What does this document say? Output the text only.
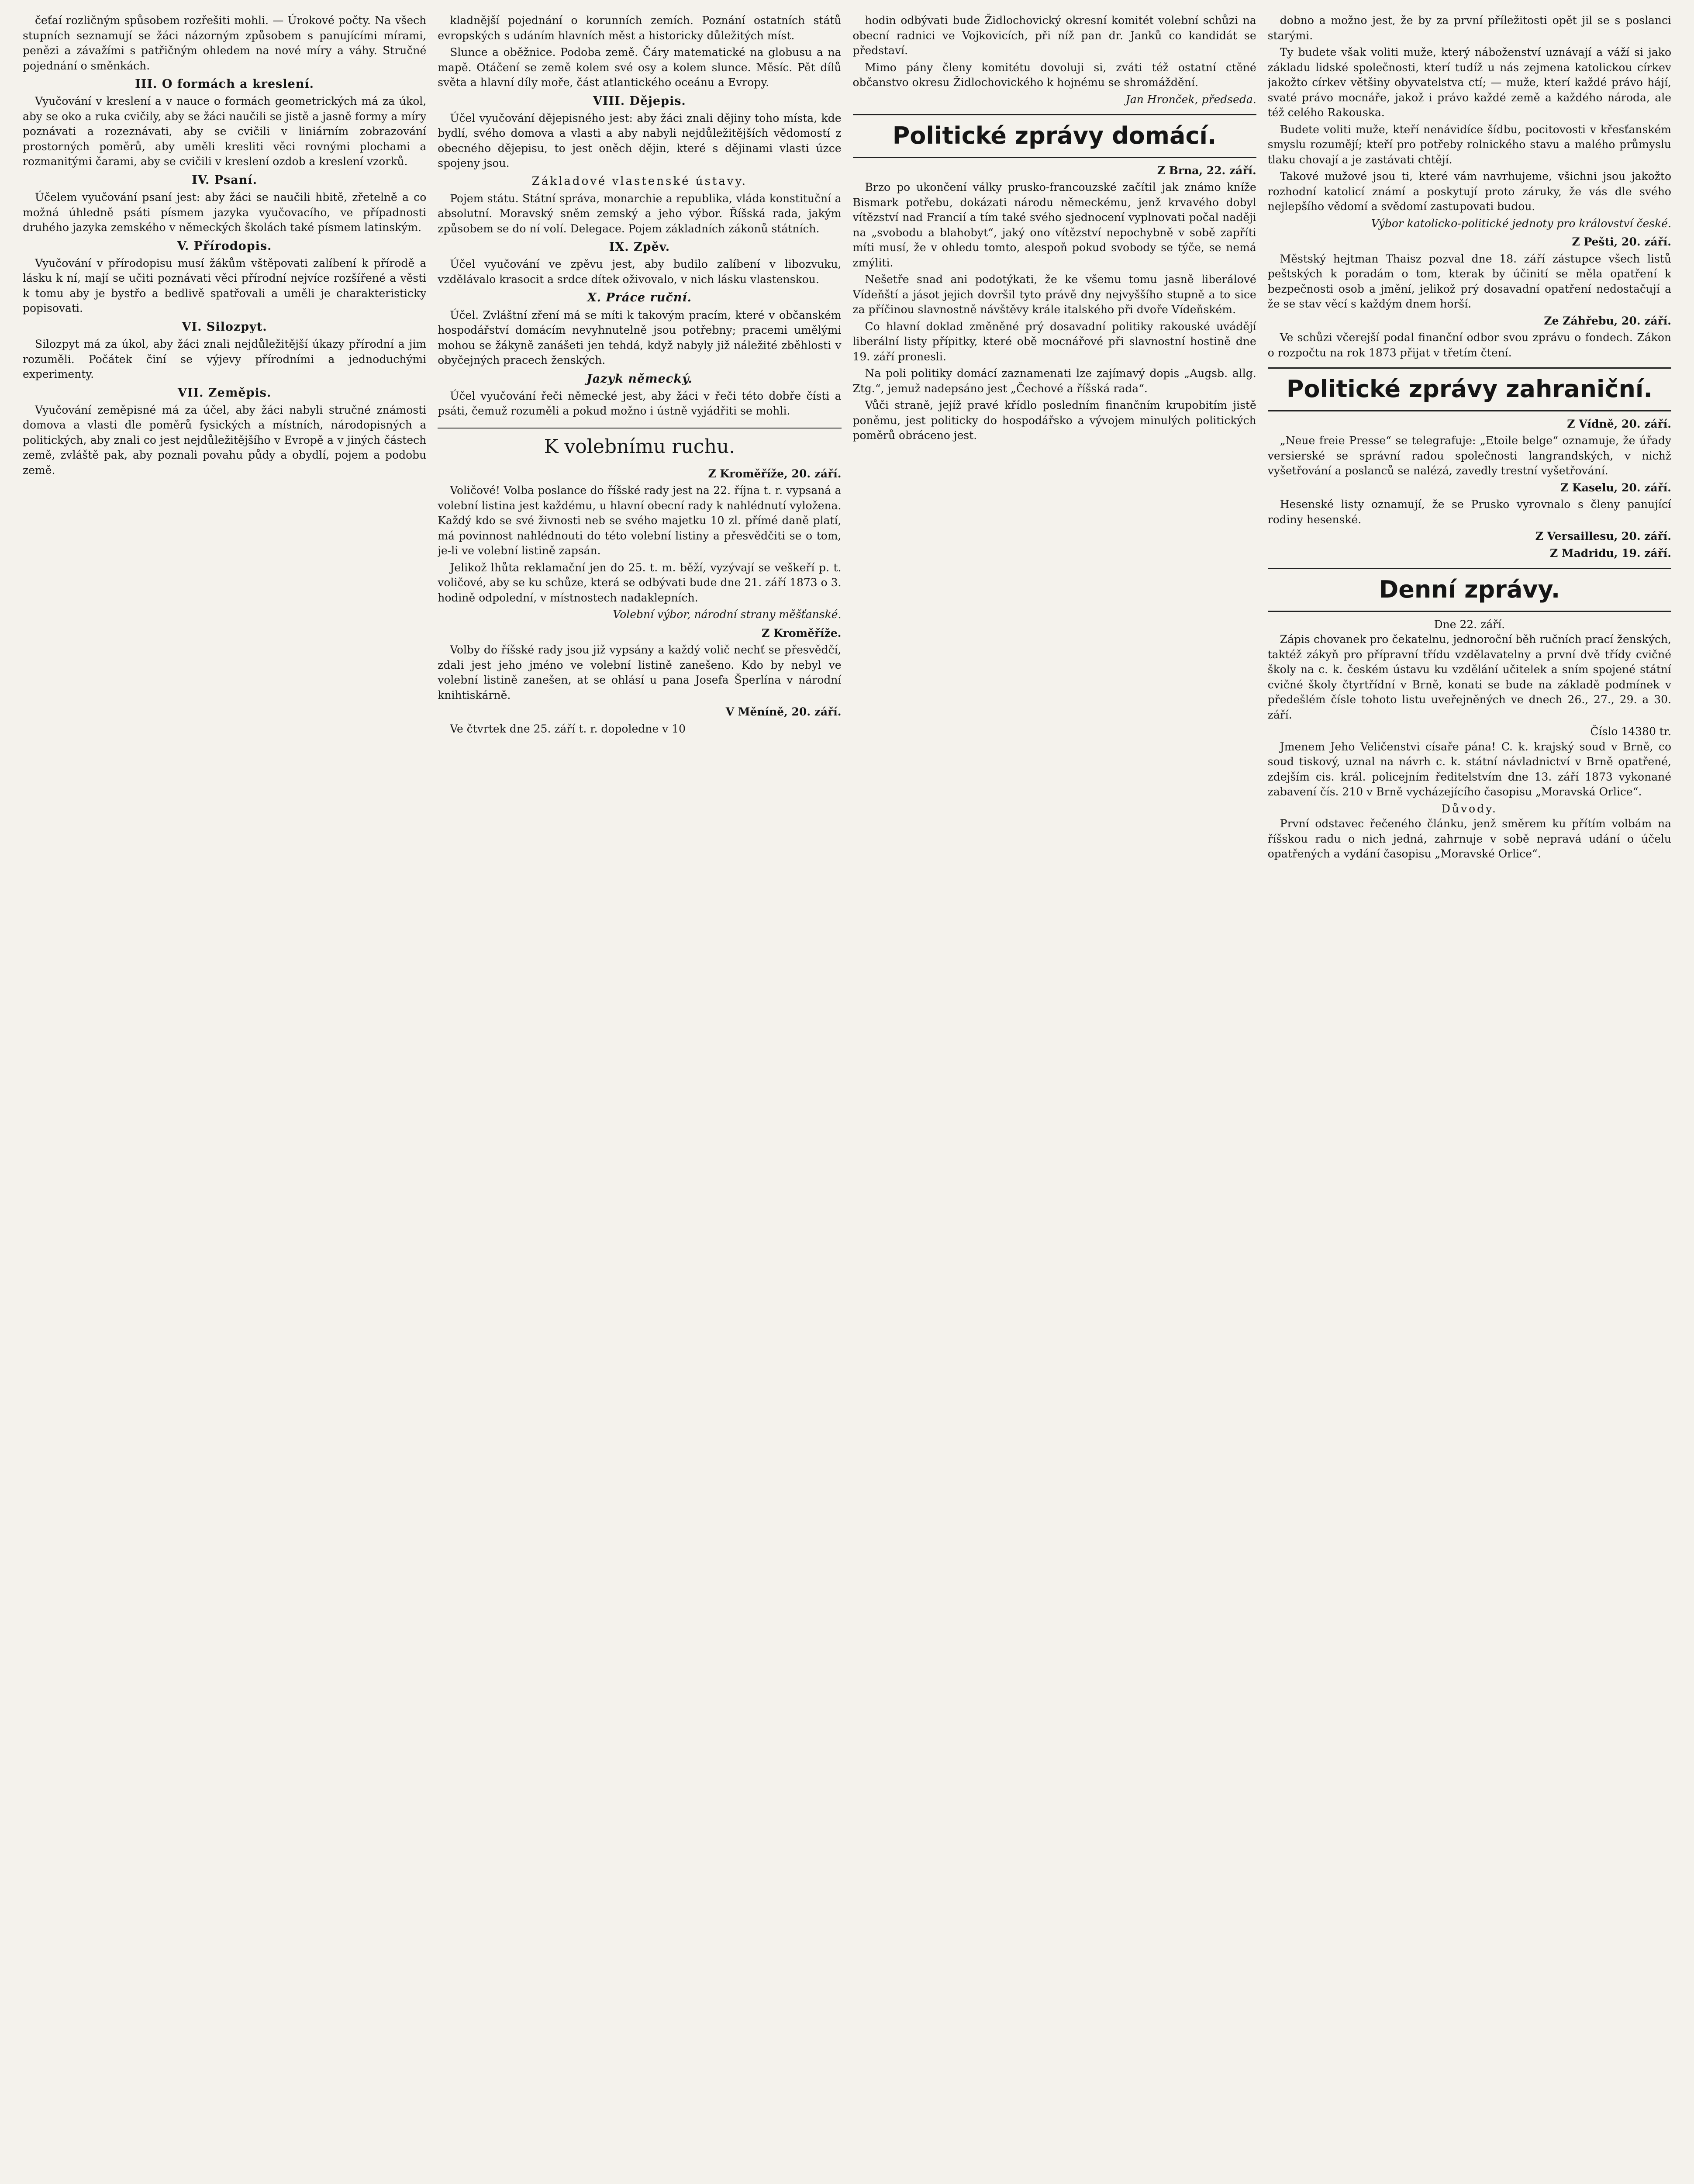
čeťaí rozličným spůsobem rozřešiti mohli. — Úrokové počty. Na všech stupních seznamují se žáci názorným způsobem s panujícími mírami, penězi a závažími s patřičným ohledem na nové míry a váhy. Stručné pojednání o směnkách.

III. O formách a kreslení.

Vyučování v kreslení a v nauce o formách geometrických má za úkol, aby se oko a ruka cvičily, aby se žáci naučili se jistě a jasně formy a míry poznávati a rozeznávati, aby se cvičili v liniárním zobrazování prostorných poměrů, aby uměli kresliti věci rovnými plochami a rozmanitými čarami, aby se cvičili v kreslení ozdob a kreslení vzorků.

IV. Psaní.

Účelem vyučování psaní jest: aby žáci se naučili hbitě, zřetelně a co možná úhledně psáti písmem jazyka vyučovacího, ve případnosti druhého jazyka zemského v německých školách také písmem latinským.

V. Přírodopis.

Vyučování v přírodopisu musí žákům vštěpovati zalíbení k přírodě a lásku k ní, mají se učiti poznávati věci přírodní nejvíce rozšířené a věsti k tomu aby je bystřo a bedlivě spatřovali a uměli je charakteristicky popisovati.

VI. Silozpyt.

Silozpyt má za úkol, aby žáci znali nejdůležitější úkazy přírodní a jim rozuměli. Počátek činí se výjevy přírodními a jednoduchými experimenty.

VII. Zeměpis.

Vyučování zeměpisné má za účel, aby žáci nabyli stručné známosti domova a vlasti dle poměrů fysických a místních, národopisných a politických, aby znali co jest nejdůležitějšího v Evropě a v jiných částech země, zvláště pak, aby poznali povahu půdy a obydlí, pojem a podobu země.

kladnější pojednání o korunních zemích. Poznání ostatních států evropských s udáním hlavních měst a historicky důležitých míst.

Slunce a oběžnice. Podoba země. Čáry matematické na globusu a na mapě. Otáčení se země kolem své osy a kolem slunce. Měsíc. Pět dílů světa a hlavní díly moře, část atlantického oceánu a Evropy.

VIII. Dějepis.

Účel vyučování dějepisného jest: aby žáci znali dějiny toho místa, kde bydlí, svého domova a vlasti a aby nabyli nejdůležitějších vědomostí z obecného dějepisu, to jest oněch dějin, které s dějinami vlasti úzce spojeny jsou.

Základové vlastenské ústavy.

Pojem státu. Státní správa, monarchie a republika, vláda konstituční a absolutní. Moravský sněm zemský a jeho výbor. Říšská rada, jakým způsobem se do ní volí. Delegace. Pojem základních zákonů státních.

IX. Zpěv.

Účel vyučování ve zpěvu jest, aby budilo zalíbení v libozvuku, vzdělávalo krasocit a srdce dítek oživovalo, v nich lásku vlastenskou.

X. Práce ruční.

Účel. Zvláštní zření má se míti k takovým pracím, které v občanském hospodářství domácím nevyhnutelně jsou potřebny; pracemi umělými mohou se žákyně zanášeti jen tehdá, když nabyly již náležité zběhlosti v obyčejných pracech ženských.

Jazyk německý.

Účel vyučování řeči německé jest, aby žáci v řeči této dobře čísti a psáti, čemuž rozuměli a pokud možno i ústně vyjádřiti se mohli.

K volebnímu ruchu.
Z Kroměříže, 20. září.

Voličové! Volba poslance do říšské rady jest na 22. října t. r. vypsaná a volební listina jest každému, u hlavní obecní rady k nahlédnutí vyložena. Každý kdo se své živnosti neb se svého majetku 10 zl. přímé daně platí, má povinnost nahlédnouti do této volební listiny a přesvědčiti se o tom, je-li ve volební listině zapsán.

Jelikož lhůta reklamační jen do 25. t. m. běží, vyzývají se veškeří p. t. voličové, aby se ku schůze, která se odbývati bude dne 21. září 1873 o 3. hodině odpolední, v místnostech nadaklepních.

Volební výbor, národní strany měšťanské.
Z Kroměříže.

Volby do říšské rady jsou již vypsány a každý volič nechť se přesvědčí, zdali jest jeho jméno ve volební listině zanešeno. Kdo by nebyl ve volební listině zanešen, at se ohlásí u pana Josefa Šperlína v národní knihtiskárně.

V Měníně, 20. září.

Ve čtvrtek dne 25. září t. r. dopoledne v 10

hodin odbývati bude Židlochovický okresní komitét volební schůzi na obecní radnici ve Vojkovicích, při níž pan dr. Janků co kandidát se představí.

Mimo pány členy komitétu dovoluji si, zváti též ostatní ctěné občanstvo okresu Židlochovického k hojnému se shromáždění.

Jan Hronček, předseda.
Politické zprávy domácí.
Z Brna, 22. září.

Brzo po ukončení války prusko-francouzské začítil jak známo kníže Bismark potřebu, dokázati národu německému, jenž krvavého dobyl vítězství nad Francií a tím také svého sjednocení vyplnovati počal naději na „svobodu a blahobyt“, jaký ono vítězství nepochybně v sobě zapříti míti musí, že v ohledu tomto, alespoň pokud svobody se týče, se nemá zmýliti.

Nešetře snad ani podotýkati, že ke všemu tomu jasně liberálové Vídeňští a jásot jejich dovršil tyto právě dny nejvyššího stupně a to sice za příčinou slavnostně návštěvy krále italského při dvoře Vídeňském.

Co hlavní doklad změněné prý dosavadní politiky rakouské uvádějí liberální listy přípitky, které obě mocnářové při slavnostní hostině dne 19. září pronesli.

Na poli politiky domácí zaznamenati lze zajímavý dopis „Augsb. allg. Ztg.“, jemuž nadepsáno jest „Čechové a říšská rada“.

Vůči straně, jejíž pravé křídlo posledním finančním krupobitím jistě poněmu, jest politicky do hospodářsko a vývojem minulých politických poměrů obráceno jest.

dobno a možno jest, že by za první příležitosti opět jil se s poslanci starými.

Ty budete však voliti muže, který náboženství uznávají a váží si jako základu lidské společnosti, kterí tudíž u nás zejmena katolickou církev jakožto církev většiny obyvatelstva ctí; — muže, kterí každé právo hájí, svaté právo mocnáře, jakož i právo každé země a každého národa, ale též celého Rakouska.

Budete voliti muže, kteří nenávidíce šídbu, pocitovosti v křesťanském smyslu rozumějí; kteří pro potřeby rolnického stavu a malého průmyslu tlaku chovají a je zastávati chtějí.

Takové mužové jsou ti, které vám navrhujeme, všichni jsou jakožto rozhodní katolicí známí a poskytují proto záruky, že vás dle svého nejlepšího vědomí a svědomí zastupovati budou.

Výbor katolicko-politické jednoty pro království české.
Z Pešti, 20. září.

Městský hejtman Thaisz pozval dne 18. září zástupce všech listů peštských k poradám o tom, kterak by účinití se měla opatření k bezpečnosti osob a jmění, jelikož prý dosavadní opatření nedostačují a že se stav věcí s každým dnem horší.

Ze Záhřebu, 20. září.

Ve schůzi včerejší podal finanční odbor svou zprávu o fondech. Zákon o rozpočtu na rok 1873 přijat v třetím čtení.

Politické zprávy zahraniční.
Z Vídně, 20. září.

„Neue freie Presse“ se telegrafuje: „Etoile belge“ oznamuje, že úřady versierské se správní radou společnosti langrandských, v nichž vyšetřování a poslanců se nalézá, zavedly trestní vyšetřování.

Z Kaselu, 20. září.

Hesenské listy oznamují, že se Prusko vyrovnalo s členy panující rodiny hesenské.

Z Versaillesu, 20. září.
Z Madridu, 19. září.
Denní zprávy.
Dne 22. září.

Zápis chovanek pro čekatelnu, jednoroční běh ručních prací ženských, taktéž zákyň pro přípravní třídu vzdělavatelny a první dvě třídy cvičné školy na c. k. českém ústavu ku vzdělání učitelek a sním spojené státní cvičné školy čtyrtřídní v Brně, konati se bude na základě podmínek v předešlém čísle tohoto listu uveřejněných ve dnech 26., 27., 29. a 30. září.

Číslo 14380 tr.

Jmenem Jeho Veličenstvi císaře pána! C. k. krajský soud v Brně, co soud tiskový, uznal na návrh c. k. státní návladnictví v Brně opatřené, zdejším cis. král. policejním ředitelstvím dne 13. září 1873 vykonané zabavení čís. 210 v Brně vycházejícího časopisu „Moravská Orlice“.

Důvody.

První odstavec řečeného článku, jenž směrem ku přítím volbám na říšskou radu o nich jedná, zahrnuje v sobě nepravá udání o účelu opatřených a vydání časopisu „Moravské Orlice“.
